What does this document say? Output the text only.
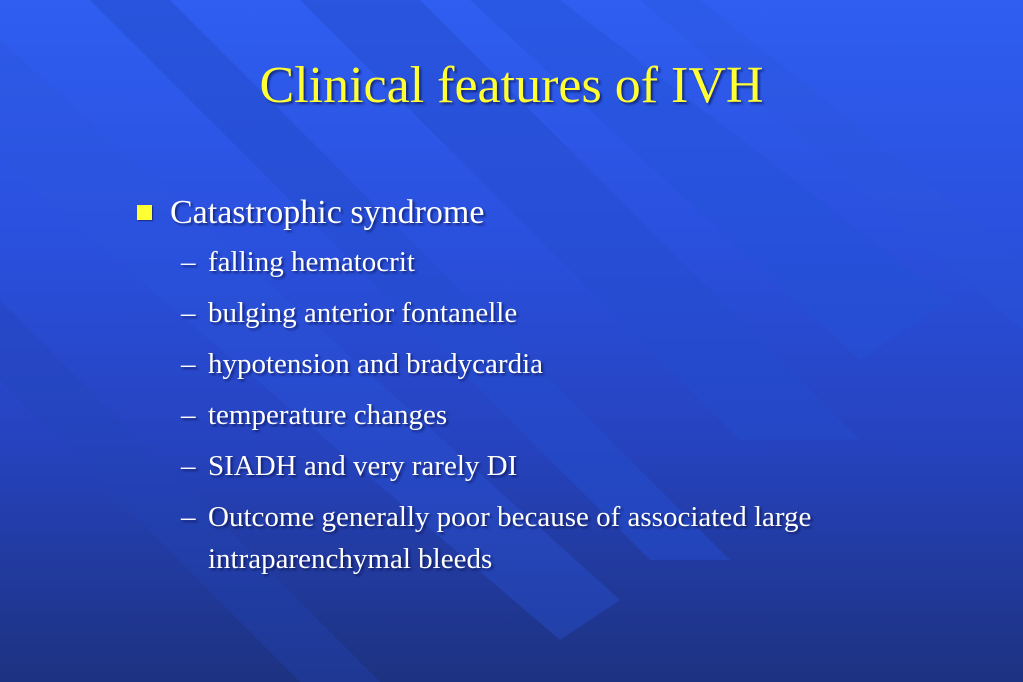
Clinical features of IVH
Catastrophic syndrome
– falling hematocrit
– bulging anterior fontanelle
– hypotension and bradycardia
– temperature changes
– SIADH and very rarely DI
– Outcome generally poor because of associated large intraparenchymal bleeds
